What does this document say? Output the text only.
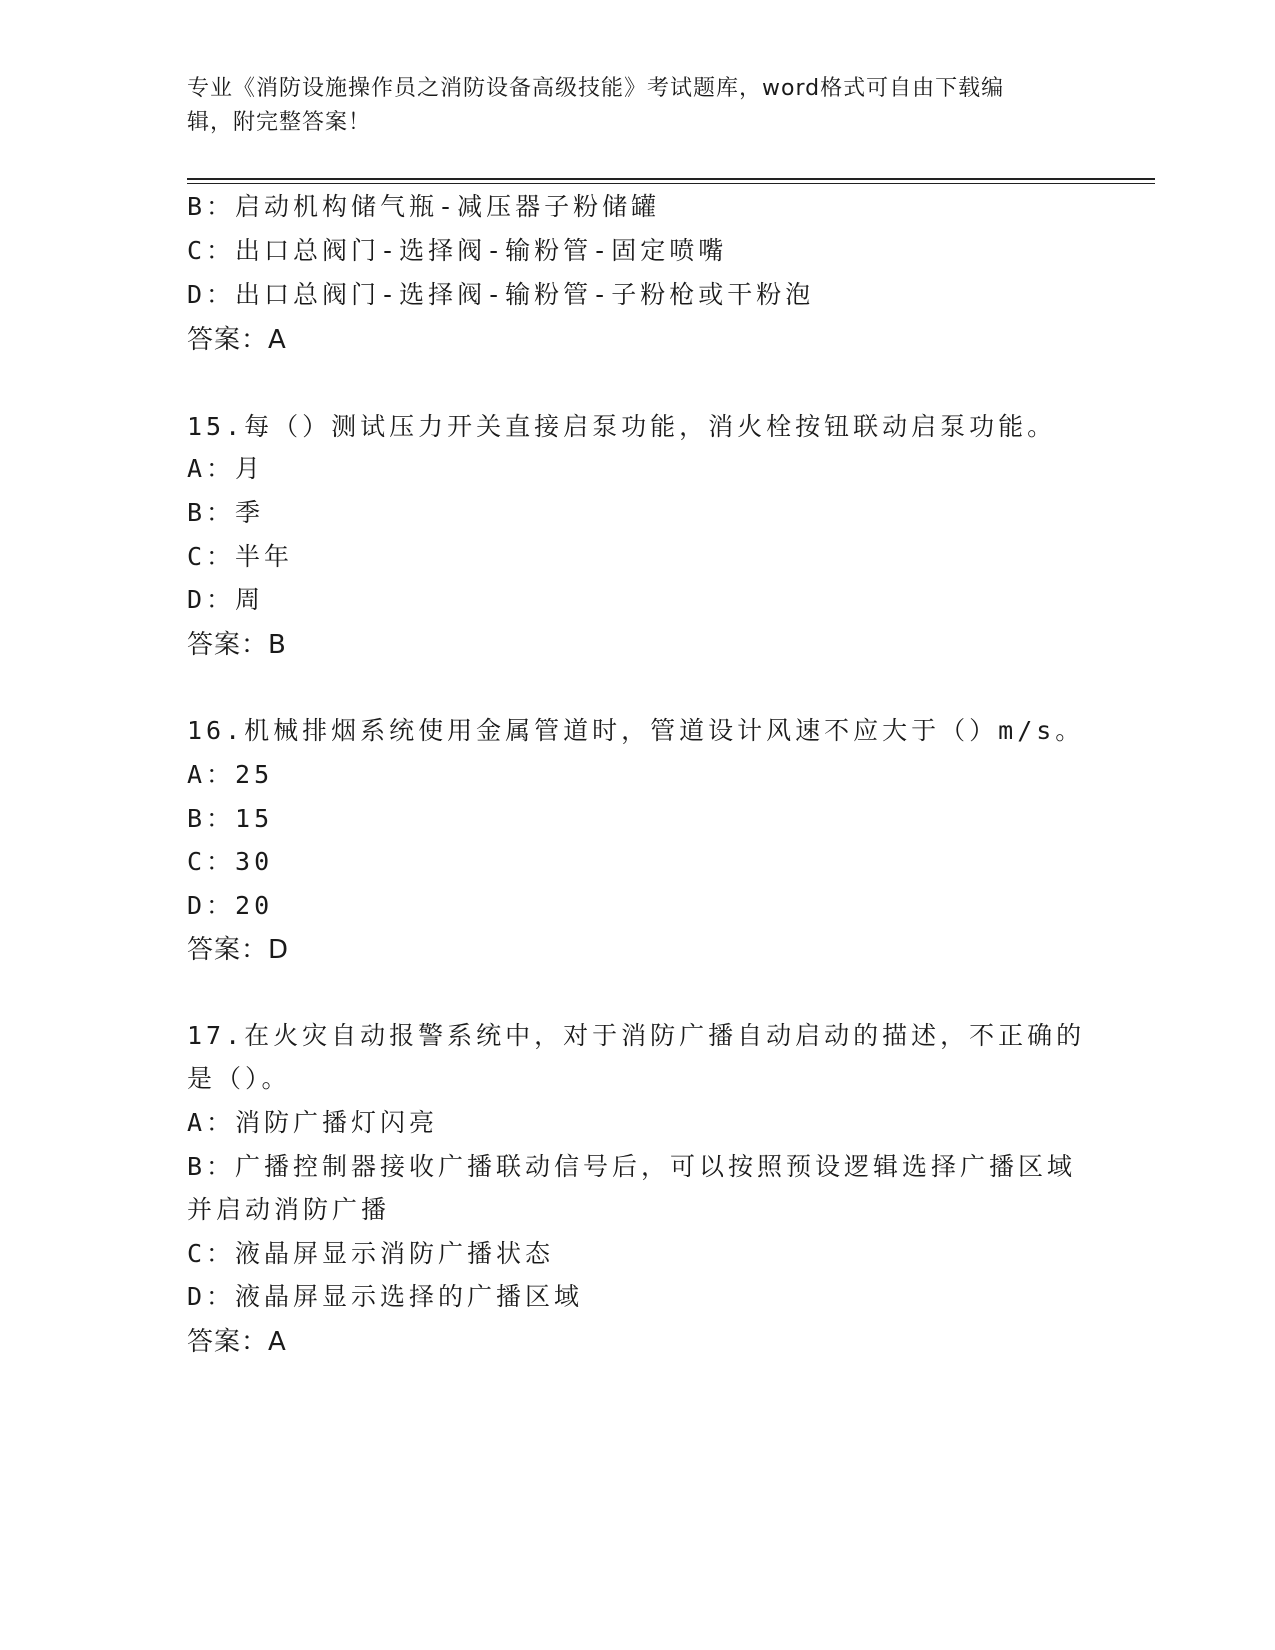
专业《消防设施操作员之消防设备高级技能》考试题库，word格式可自由下载编
辑，附完整答案！
B：启动机构储气瓶-减压器子粉储罐
C：出口总阀门-选择阀-输粉管-固定喷嘴
D：出口总阀门-选择阀-输粉管-子粉枪或干粉泡
答案：A
15.每（）测试压力开关直接启泵功能，消火栓按钮联动启泵功能。
A：月
B：季
C：半年
D：周
答案：B
16.机械排烟系统使用金属管道时，管道设计风速不应大于（）m/s。
A：25
B：15
C：30
D：20
答案：D
17.在火灾自动报警系统中，对于消防广播自动启动的描述，不正确的
是（）。
A：消防广播灯闪亮
B：广播控制器接收广播联动信号后，可以按照预设逻辑选择广播区域
并启动消防广播
C：液晶屏显示消防广播状态
D：液晶屏显示选择的广播区域
答案：A
